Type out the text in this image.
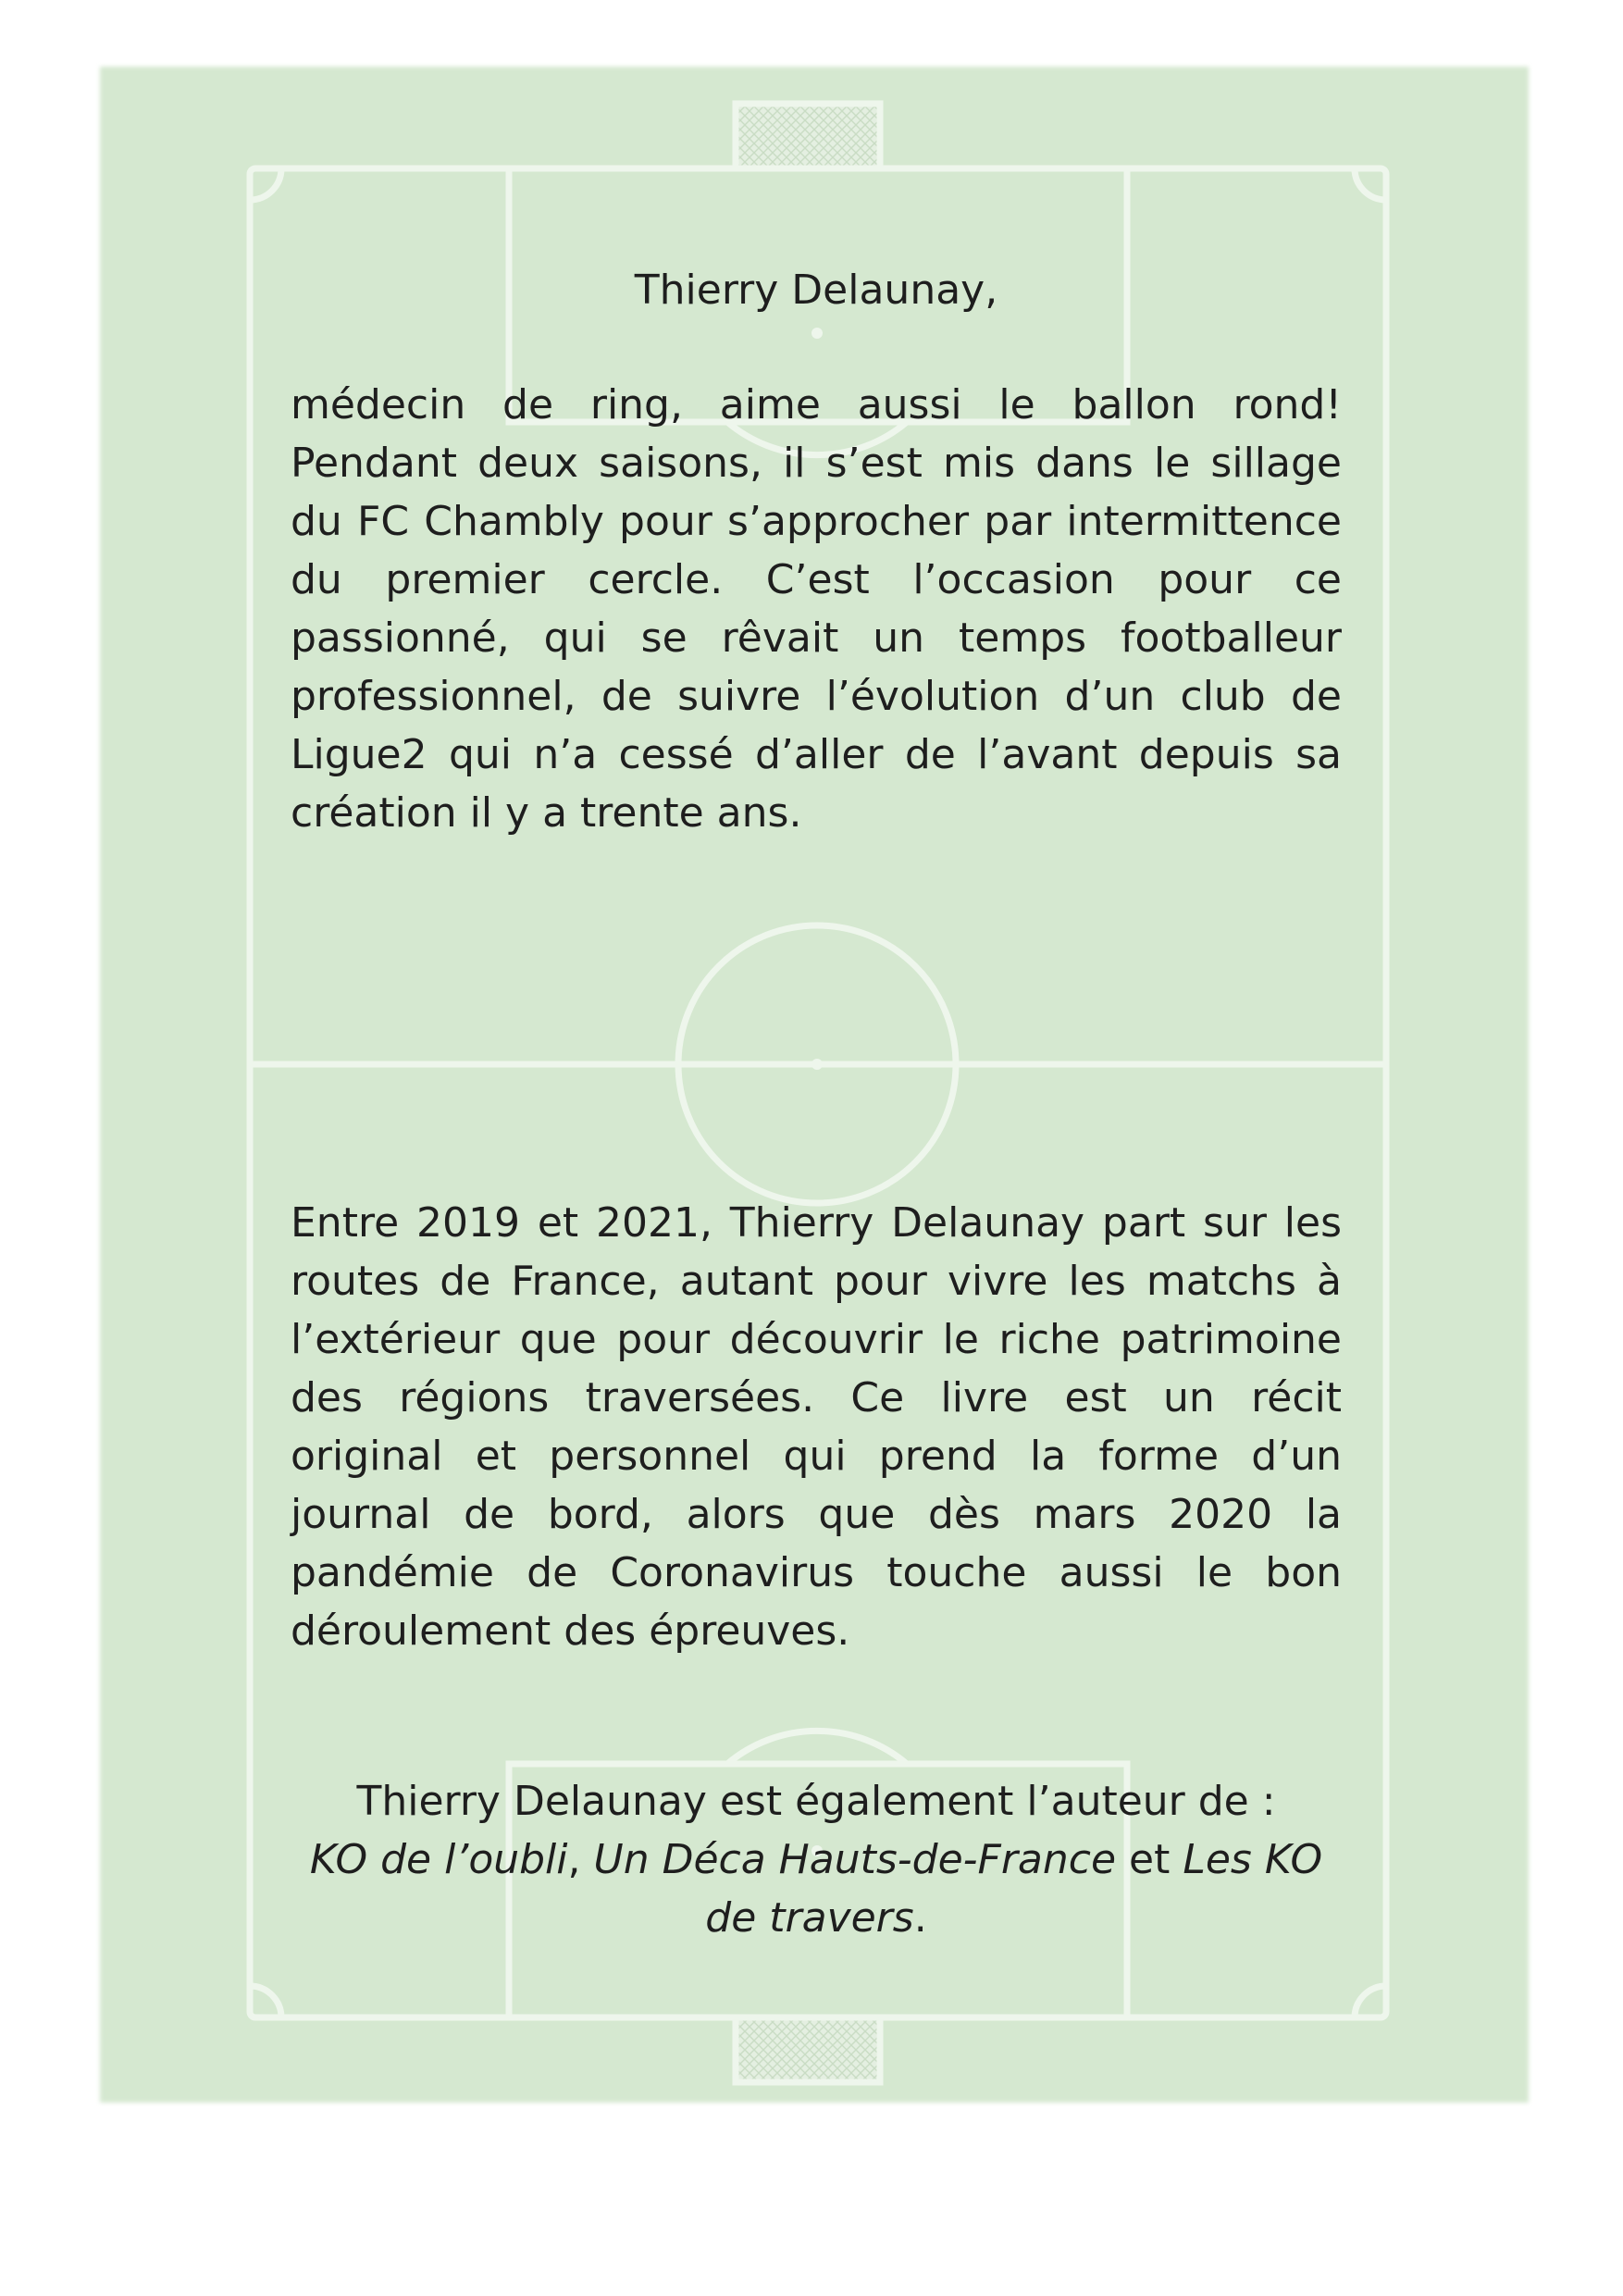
Thierry Delaunay,

médecin de ring, aime aussi le ballon rond! Pendant deux saisons, il s’est mis dans le sillage du FC Chambly pour s’approcher par intermittence du premier cercle. C’est l’occasion pour ce passionné, qui se rêvait un temps footballeur professionnel, de suivre l’évolution d’un club de Ligue2 qui n’a cessé d’aller de l’avant depuis sa création il y a trente ans.

Entre 2019 et 2021, Thierry Delaunay part sur les routes de France, autant pour vivre les matchs à l’extérieur que pour découvrir le riche patrimoine des régions traversées. Ce livre est un récit original et personnel qui prend la forme d’un journal de bord, alors que dès mars 2020 la pandémie de Coronavirus touche aussi le bon déroulement des épreuves.

Thierry Delaunay est également l’auteur de :
KO de l’oubli, Un Déca Hauts-de-France et Les KO de travers.
